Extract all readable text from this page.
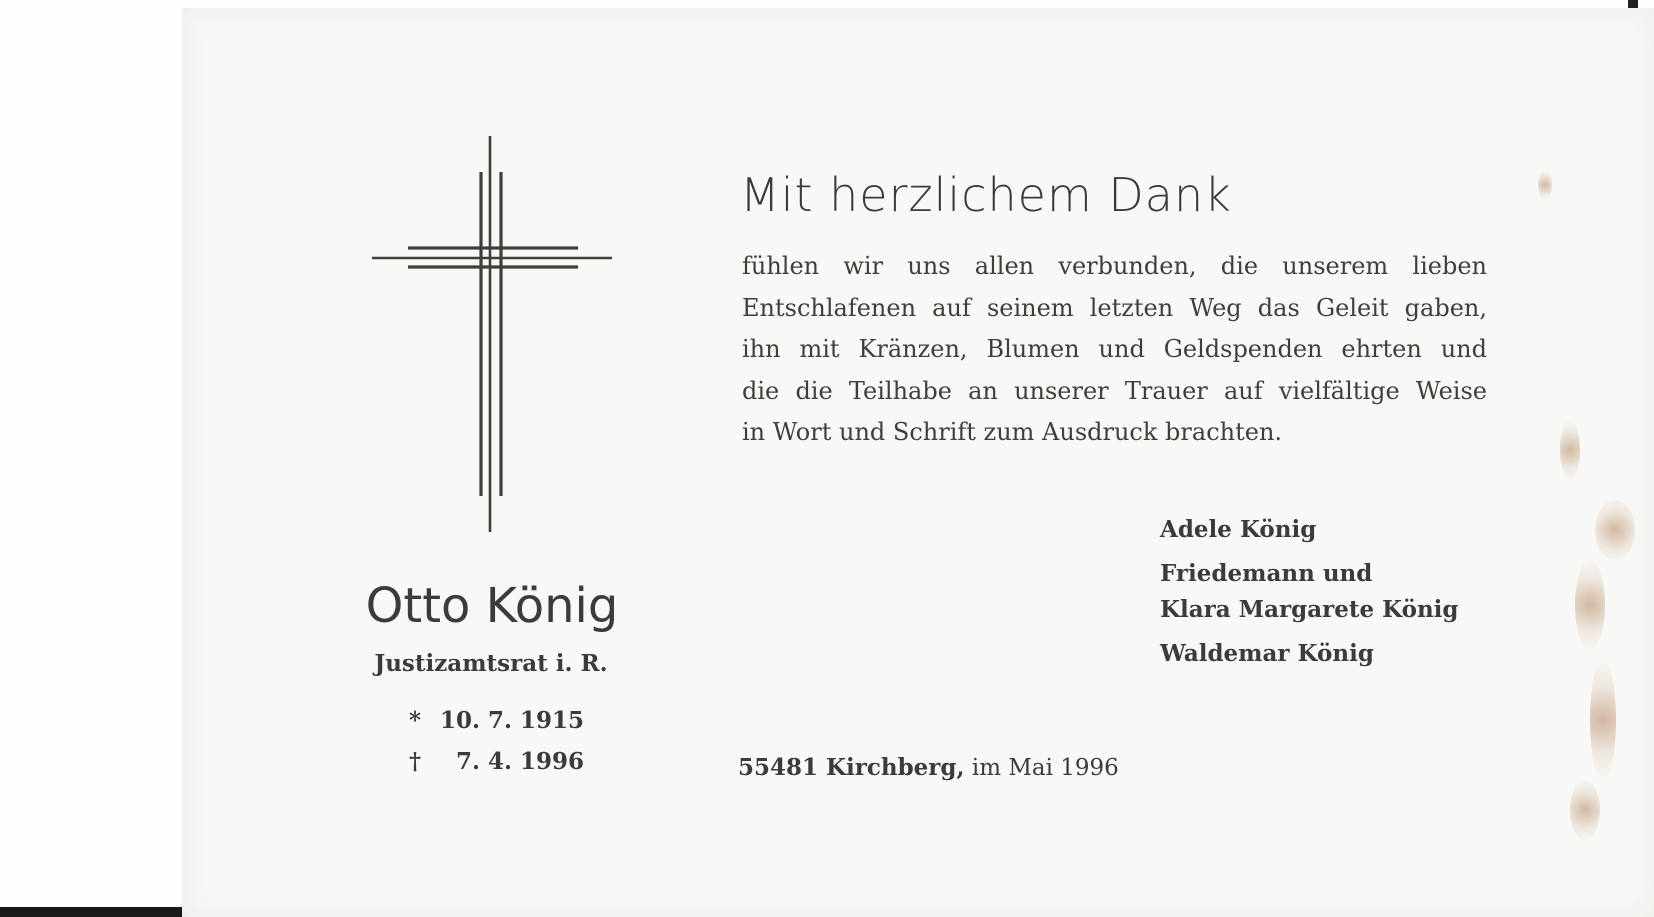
Mit herzlichem Dank

fühlen wir uns allen verbunden, die unserem lieben
Entschlafenen auf seinem letzten Weg das Geleit gaben,
ihn mit Kränzen, Blumen und Geldspenden ehrten und
die die Teilhabe an unserer Trauer auf vielfältige Weise
in Wort und Schrift zum Ausdruck brachten.

Otto König
Justizamtsrat i. R.
* 10. 7. 1915
† 7. 4. 1996
Adele König
Friedemann und
Klara Margarete König
Waldemar König
55481 Kirchberg, im Mai 1996
